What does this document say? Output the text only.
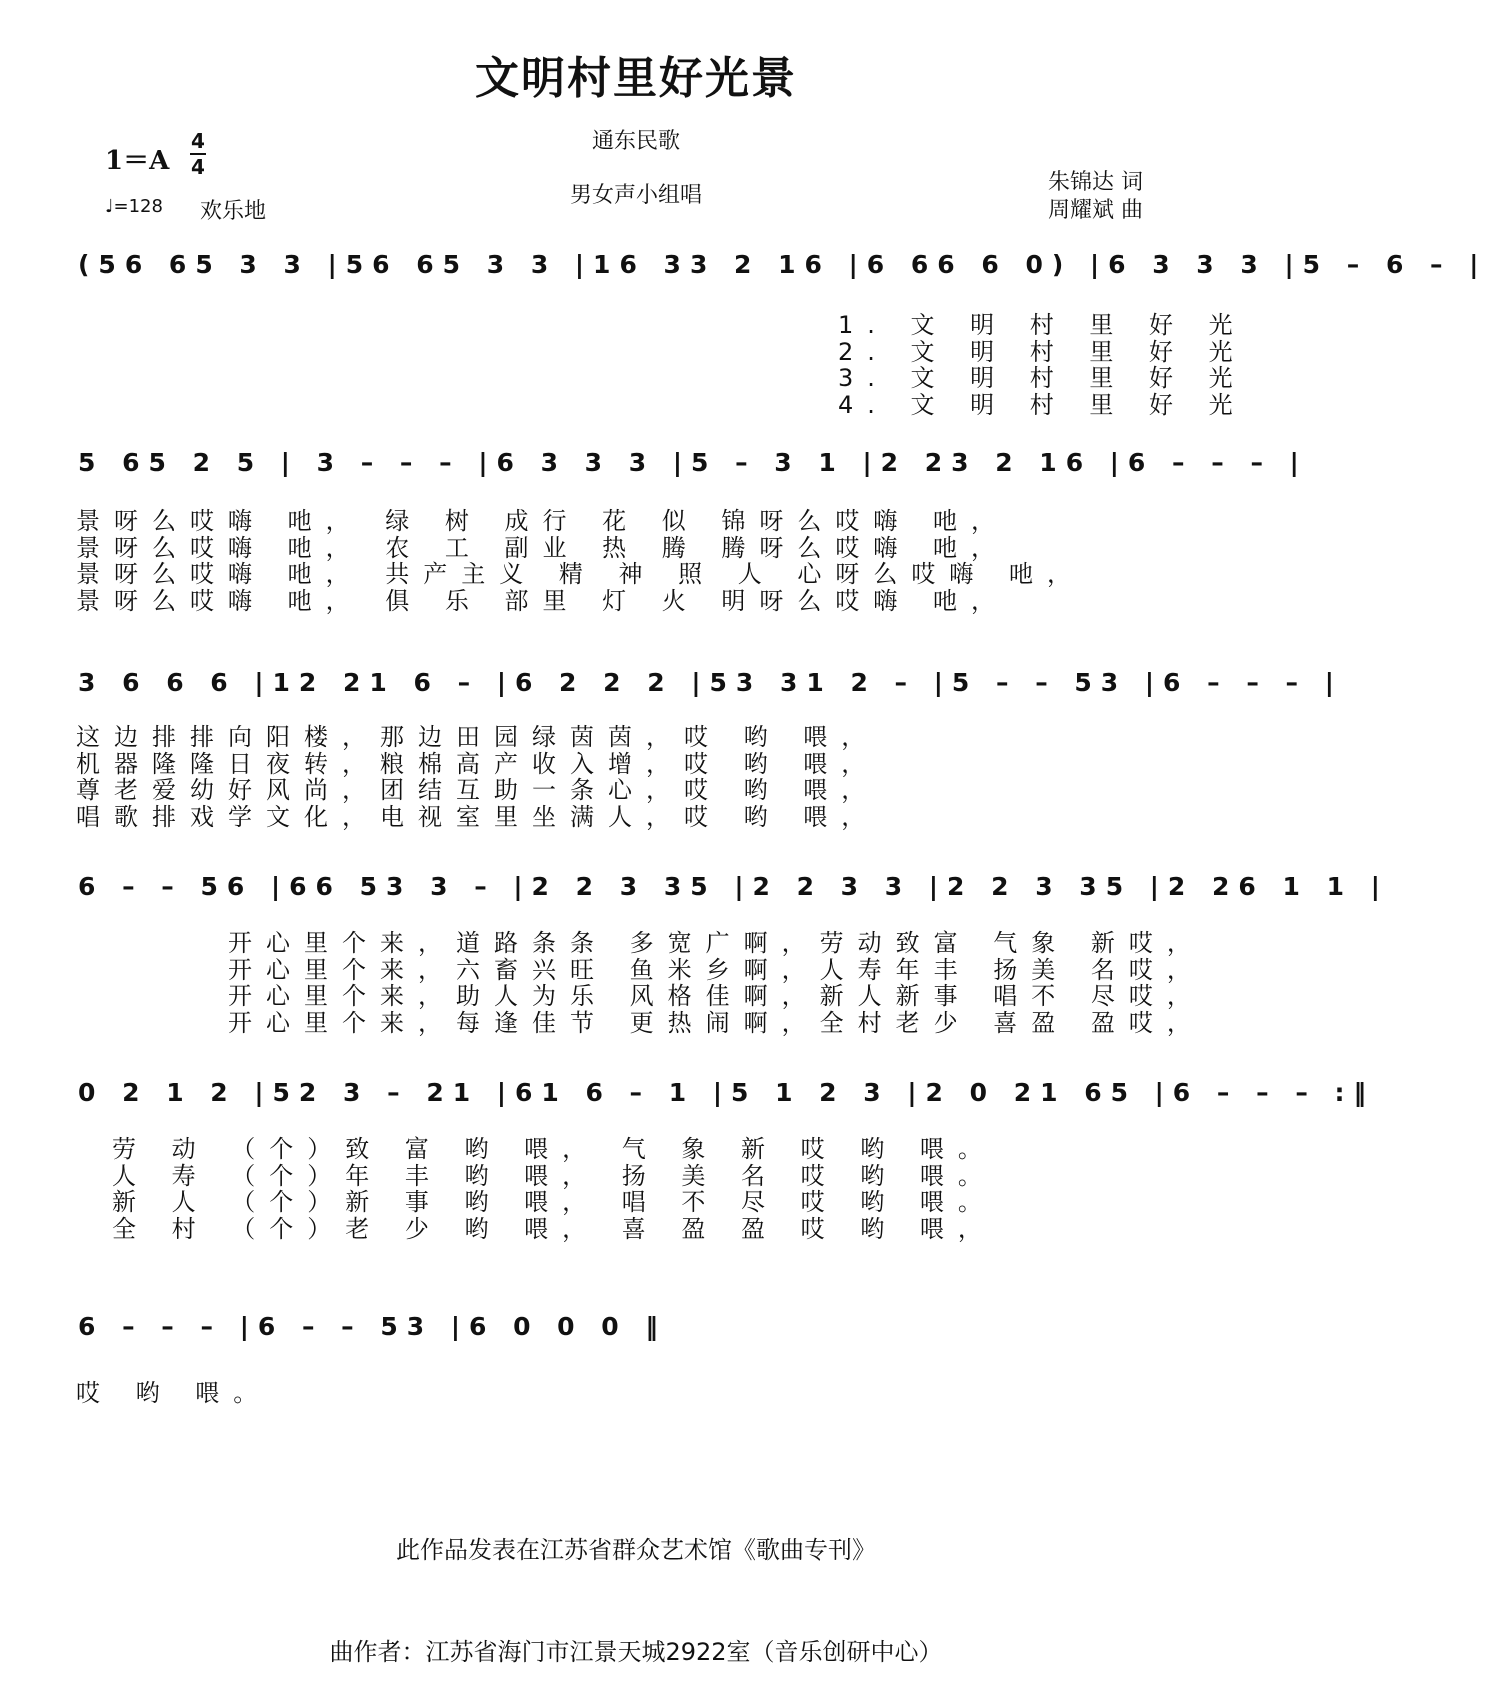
文明村里好光景
通东民歌
1＝A
4
4
♩=128 欢乐地
男女声小组唱
朱锦达 词
周耀斌 曲
(56 65 3 3 |56 65 3 3 |16 33 2 16 |6 66 6 0) |6 3 3 3 |5 – 6 – |
1. 文 明 村 里 好 光
2. 文 明 村 里 好 光
3. 文 明 村 里 好 光
4. 文 明 村 里 好 光
5 65 2 5 | 3 – – – |6 3 3 3 |5 – 3 1 |2 23 2 16 |6 – – – |
景呀么哎嗨 吔， 绿 树 成行 花 似 锦呀么哎嗨 吔，
景呀么哎嗨 吔， 农 工 副业 热 腾 腾呀么哎嗨 吔，
景呀么哎嗨 吔， 共产主义 精 神 照 人 心呀么哎嗨 吔，
景呀么哎嗨 吔， 俱 乐 部里 灯 火 明呀么哎嗨 吔，
3 6 6 6 |12 21 6 – |6 2 2 2 |53 31 2 – |5 – – 53 |6 – – – |
这边排排向阳楼，那边田园绿茵茵，哎 哟 喂，
机器隆隆日夜转，粮棉高产收入增，哎 哟 喂，
尊老爱幼好风尚，团结互助一条心，哎 哟 喂，
唱歌排戏学文化，电视室里坐满人，哎 哟 喂，
6 – – 56 |66 53 3 – |2 2 3 35 |2 2 3 3 |2 2 3 35 |2 26 1 1 |
开心里个来，道路条条 多宽广啊，劳动致富 气象 新哎，
开心里个来，六畜兴旺 鱼米乡啊，人寿年丰 扬美 名哎，
开心里个来，助人为乐 风格佳啊，新人新事 唱不 尽哎，
开心里个来，每逢佳节 更热闹啊，全村老少 喜盈 盈哎，
0 2 1 2 |52 3 – 21 |61 6 – 1 |5 1 2 3 |2 0 21 65 |6 – – – :‖
劳 动 （个）致 富 哟 喂， 气 象 新 哎 哟 喂。
人 寿 （个）年 丰 哟 喂， 扬 美 名 哎 哟 喂。
新 人 （个）新 事 哟 喂， 唱 不 尽 哎 哟 喂。
全 村 （个）老 少 哟 喂， 喜 盈 盈 哎 哟 喂，
6 – – – |6 – – 53 |6 0 0 0 ‖
哎 哟 喂。
此作品发表在江苏省群众艺术馆《歌曲专刊》
曲作者：江苏省海门市江景天城2922室（音乐创研中心）
